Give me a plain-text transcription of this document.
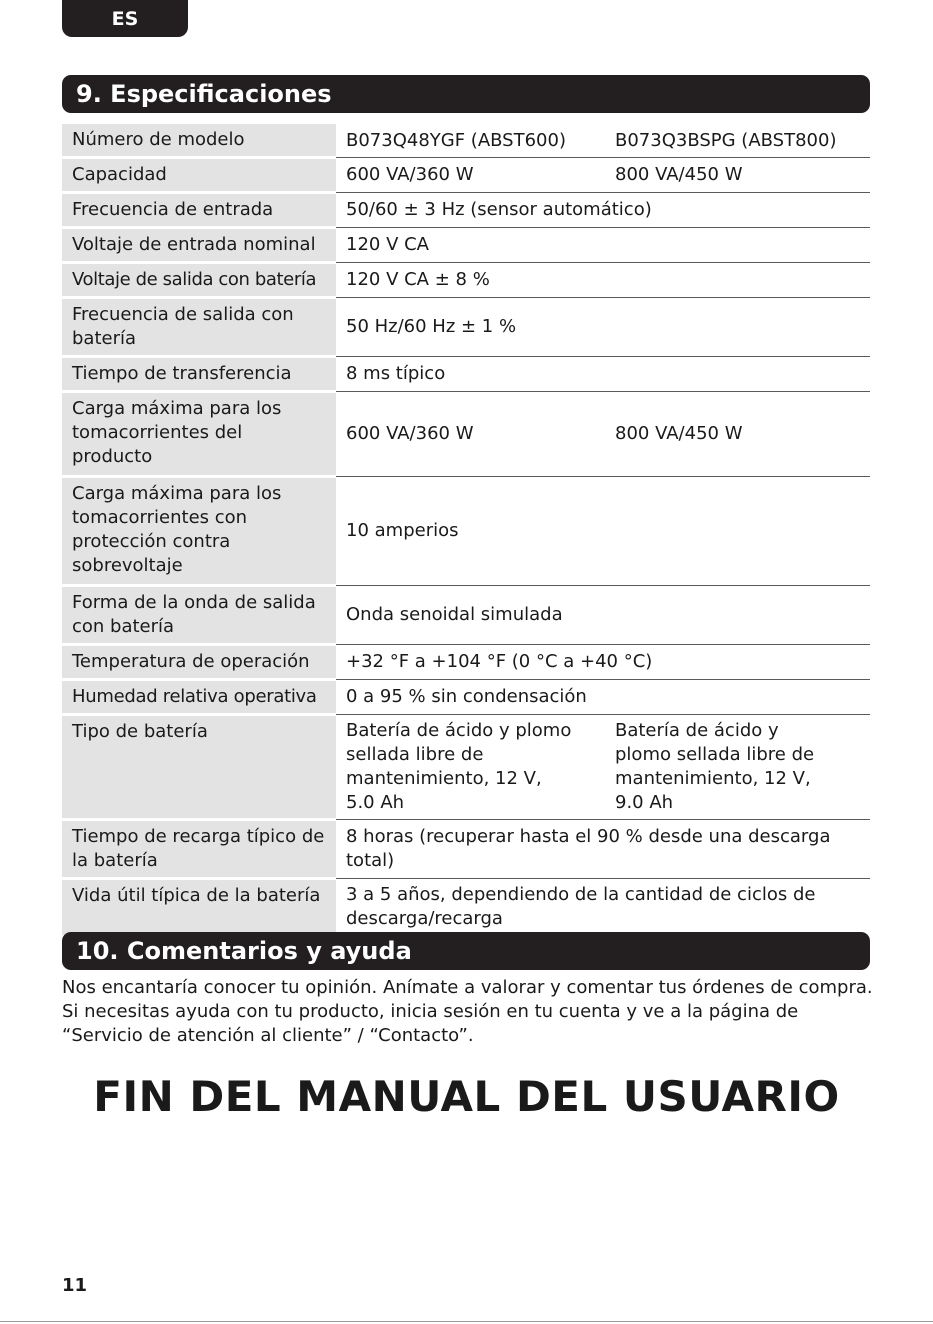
ES
9. Especificaciones
Número de modelo	B073Q48YGF (ABST600)	B073Q3BSPG (ABST800)
Capacidad	600 VA/360 W	800 VA/450 W
Frecuencia de entrada	50/60 ± 3 Hz (sensor automático)	
Voltaje de entrada nominal	120 V CA	
Voltaje de salida con batería	120 V CA ± 8 %	
Frecuencia de salida con batería	50 Hz/60 Hz ± 1 %	
Tiempo de transferencia	8 ms típico	
Carga máxima para los tomacorrientes del producto	600 VA/360 W	800 VA/450 W
Carga máxima para los tomacorrientes con protección contra sobrevoltaje	10 amperios	
Forma de la onda de salida con batería	Onda senoidal simulada	
Temperatura de operación	+32 °F a +104 °F (0 °C a +40 °C)	
Humedad relativa operativa	0 a 95 % sin condensación	
Tipo de batería	Batería de ácido y plomo sellada libre de mantenimiento, 12 V, 5.0 Ah	Batería de ácido y plomo sellada libre de mantenimiento, 12 V, 9.0 Ah
Tiempo de recarga típico de la batería	8 horas (recuperar hasta el 90 % desde una descarga total)	
Vida útil típica de la batería	3 a 5 años, dependiendo de la cantidad de ciclos de descarga/recarga	
10. Comentarios y ayuda

Nos encantaría conocer tu opinión. Anímate a valorar y comentar tus órdenes de compra. Si necesitas ayuda con tu producto, inicia sesión en tu cuenta y ve a la página de “Servicio de atención al cliente” / “Contacto”.

FIN DEL MANUAL DEL USUARIO
11
